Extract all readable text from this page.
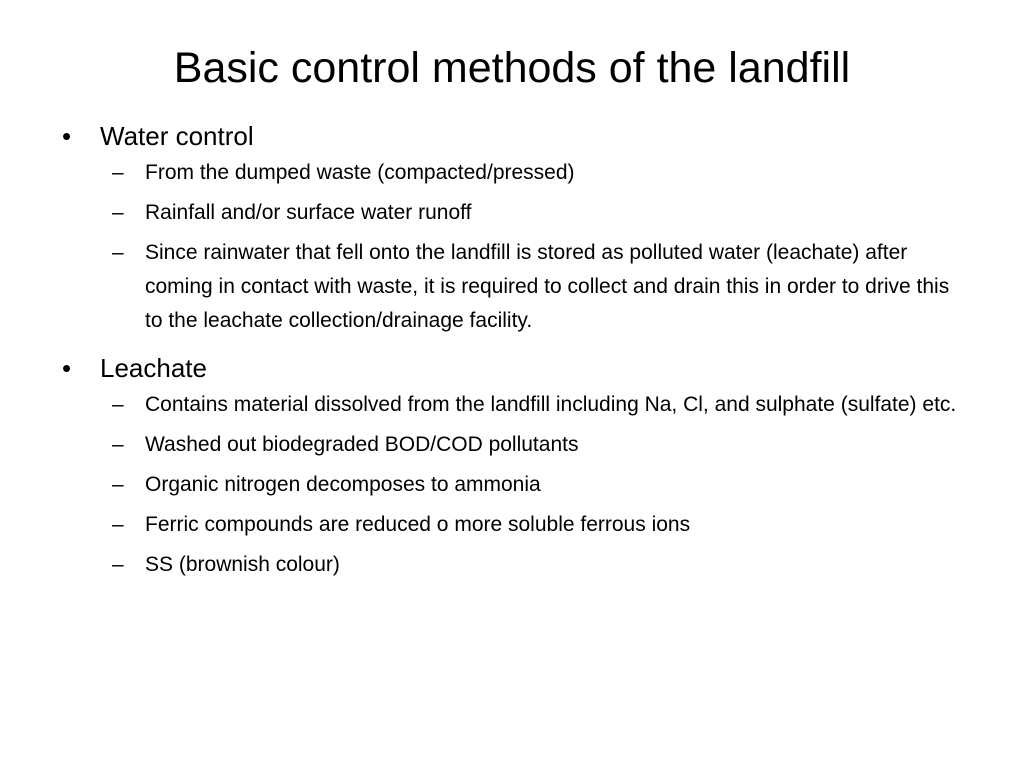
Basic control methods of the landfill
• Water control
– From the dumped waste (compacted/pressed)
– Rainfall and/or surface water runoff
– Since rainwater that fell onto the landfill is stored as polluted water (leachate) after coming in contact with waste, it is required to collect and drain this in order to drive this to the leachate collection/drainage facility.
• Leachate
– Contains material dissolved from the landfill including Na, Cl, and sulphate (sulfate) etc.
– Washed out biodegraded BOD/COD pollutants
– Organic nitrogen decomposes to ammonia
– Ferric compounds are reduced o more soluble ferrous ions
– SS (brownish colour)
